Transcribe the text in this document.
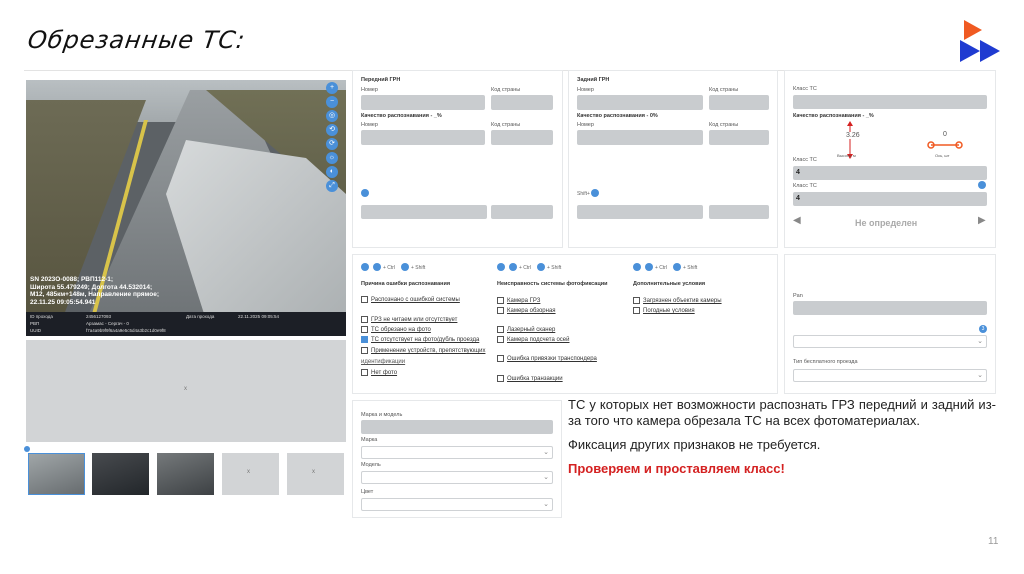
Обрезанные ТС:
SN 2023O-0088; РВП112-1;
Широта 55.479249; Долгота 44.532014;
M12, 485км+148м, Направление прямое;
22.11.25 09:05:54.941
+
−
◎
⟲
⟳
☼
◐
⤢
ID прохода	2456127093	Дата прохода	22.11.2025 09:05:54
РВП	Арзамас - Сергач - 0
UUID	f7a4a9b9f9f6a4a9e5c5d4a3b2c1d0e9f8
x
x	x
Передний ГРН
Номер	Код страны
Качество распознавания - _%
Номер	Код страны
Задний ГРН
Номер	Код страны
Качество распознавания - 0%
Номер	Код страны
Shift+
Класс ТС
Качество распознавания - _%
3.26
Высота, м
0
Ось, шт
Класс ТС
4
Класс ТС
4
◀	Не определен	▶
+ Ctrl	+ Shift	+ Ctrl	+ Shift	+ Ctrl	+ Shift
Причина ошибки распознавания
Распознано с ошибкой системы
ГРЗ не читаем или отсутствует
ТС обрезано на фото
ТС отсутствует на фото/дубль проезда
Применение устройств, препятствующих
идентификации
Нет фото
Неисправность системы фотофиксации
Камера ГРЗ
Камера обзорная
Лазерный сканер
Камера подсчета осей
Ошибка привязки транспондера
Ошибка транзакции
Дополнительные условия
Загрязнен объектив камеры
Погодные условия
Pan
3
⌄
Тип бесплатного проезда
⌄
Марка и модель
Марка
⌄
Модель
⌄
Цвет
⌄

ТС у которых нет возможности распознать ГРЗ передний и задний из-за того что камера обрезала ТС на всех фотоматериалах.

Фиксация других признаков не требуется.

Проверяем и проставляем класс!

11
